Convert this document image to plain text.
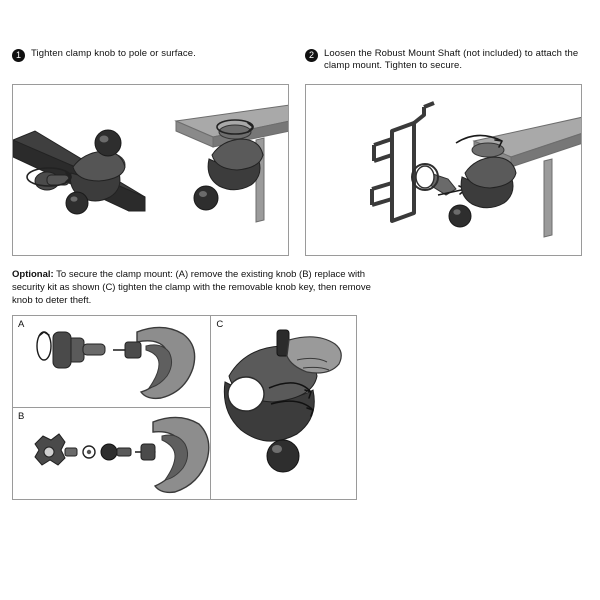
1	Tighten clamp knob to pole or surface.	2	Loosen the Robust Mount Shaft (not included) to attach the clamp mount. Tighten to secure.
Optional: To secure the clamp mount: (A) remove the existing knob (B) replace with security kit as shown (C) tighten the clamp with the removable knob key, then remove knob to deter theft.
A
B
C
